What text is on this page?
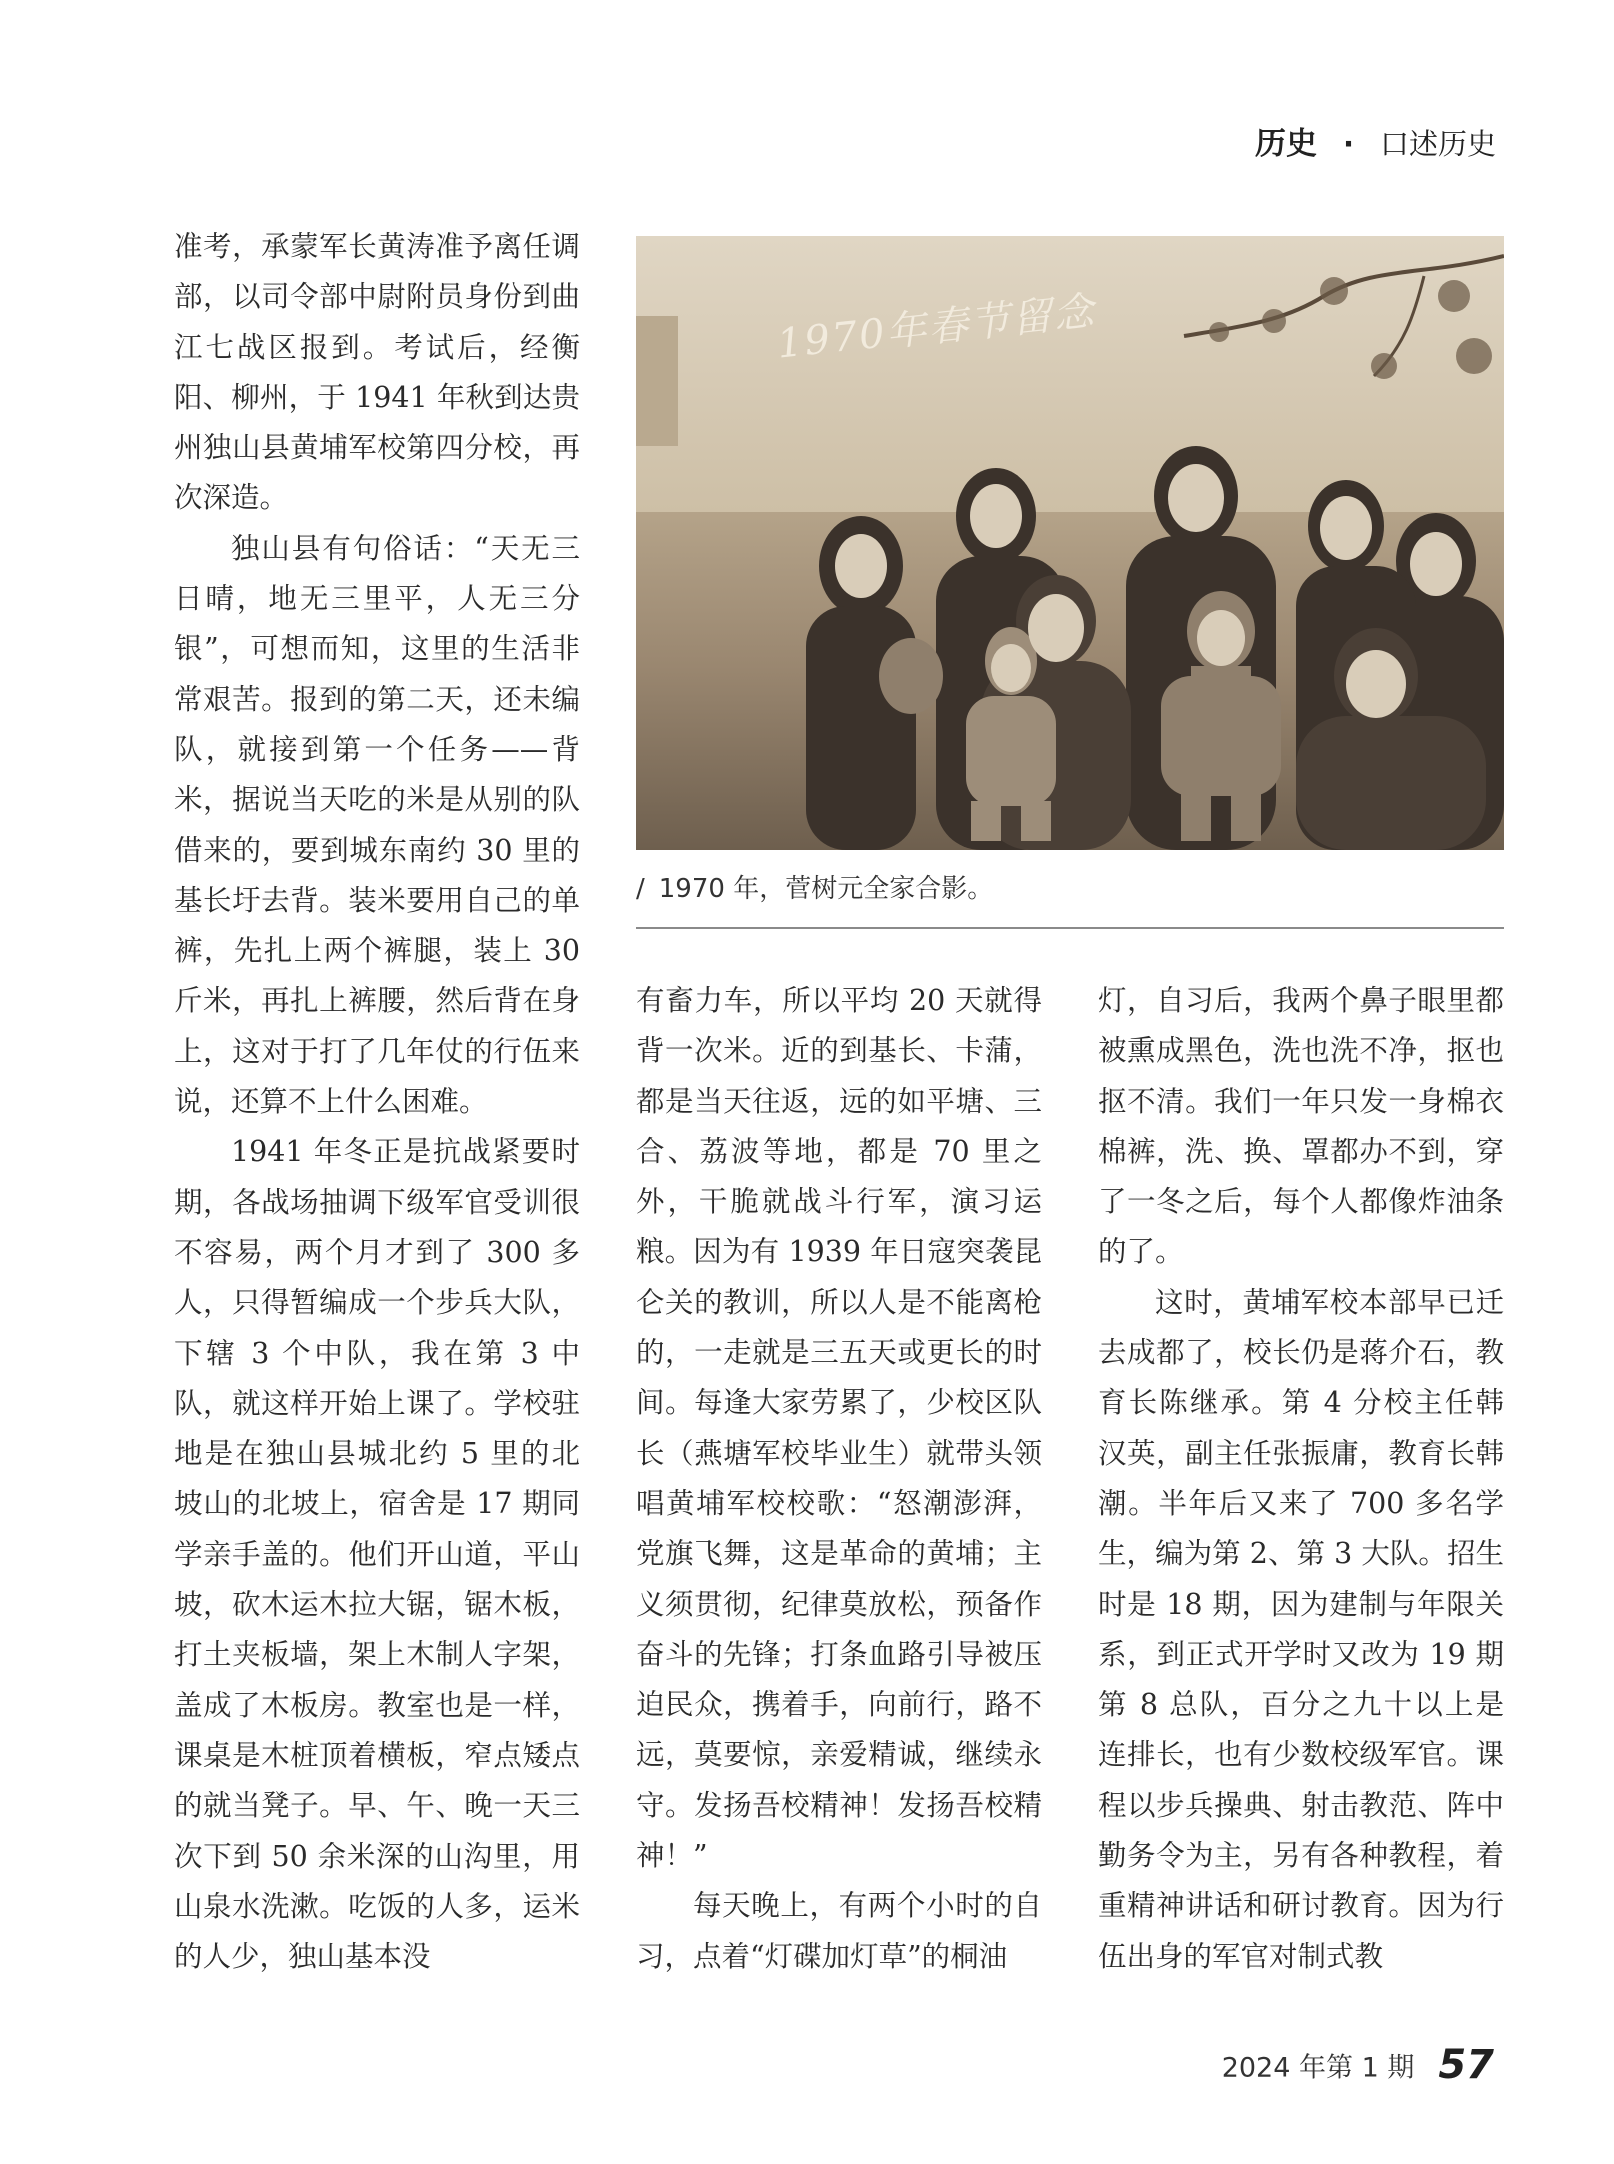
历史 · 口述历史

准考，承蒙军长黄涛准予离任调部，以司令部中尉附员身份到曲江七战区报到。考试后，经衡阳、柳州，于 1941 年秋到达贵州独山县黄埔军校第四分校，再次深造。

独山县有句俗话：“天无三日晴，地无三里平，人无三分银”，可想而知，这里的生活非常艰苦。报到的第二天，还未编队，就接到第一个任务——背米，据说当天吃的米是从别的队借来的，要到城东南约 30 里的基长圩去背。装米要用自己的单裤，先扎上两个裤腿，装上 30 斤米，再扎上裤腰，然后背在身上，这对于打了几年仗的行伍来说，还算不上什么困难。

1941 年冬正是抗战紧要时期，各战场抽调下级军官受训很不容易，两个月才到了 300 多人，只得暂编成一个步兵大队，下辖 3 个中队，我在第 3 中队，就这样开始上课了。学校驻地是在独山县城北约 5 里的北坡山的北坡上，宿舍是 17 期同学亲手盖的。他们开山道，平山坡，砍木运木拉大锯，锯木板，打土夹板墙，架上木制人字架，盖成了木板房。教室也是一样，课桌是木桩顶着横板，窄点矮点的就当凳子。早、午、晚一天三次下到 50 余米深的山沟里，用山泉水洗漱。吃饭的人多，运米的人少，独山基本没

1970年春节留念
/ 1970 年，菅树元全家合影。

有畜力车，所以平均 20 天就得背一次米。近的到基长、卡蒲，都是当天往返，远的如平塘、三合、荔波等地，都是 70 里之外，干脆就战斗行军，演习运粮。因为有 1939 年日寇突袭昆仑关的教训，所以人是不能离枪的，一走就是三五天或更长的时间。每逢大家劳累了，少校区队长（燕塘军校毕业生）就带头领唱黄埔军校校歌：“怒潮澎湃，党旗飞舞，这是革命的黄埔；主义须贯彻，纪律莫放松，预备作奋斗的先锋；打条血路引导被压迫民众，携着手，向前行，路不远，莫要惊，亲爱精诚，继续永守。发扬吾校精神！发扬吾校精神！”

每天晚上，有两个小时的自习，点着“灯碟加灯草”的桐油

灯，自习后，我两个鼻子眼里都被熏成黑色，洗也洗不净，抠也抠不清。我们一年只发一身棉衣棉裤，洗、换、罩都办不到，穿了一冬之后，每个人都像炸油条的了。

这时，黄埔军校本部早已迁去成都了，校长仍是蒋介石，教育长陈继承。第 4 分校主任韩汉英，副主任张振庸，教育长韩潮。半年后又来了 700 多名学生，编为第 2、第 3 大队。招生时是 18 期，因为建制与年限关系，到正式开学时又改为 19 期第 8 总队，百分之九十以上是连排长，也有少数校级军官。课程以步兵操典、射击教范、阵中勤务令为主，另有各种教程，着重精神讲话和研讨教育。因为行伍出身的军官对制式教

2024 年第 1 期 57
